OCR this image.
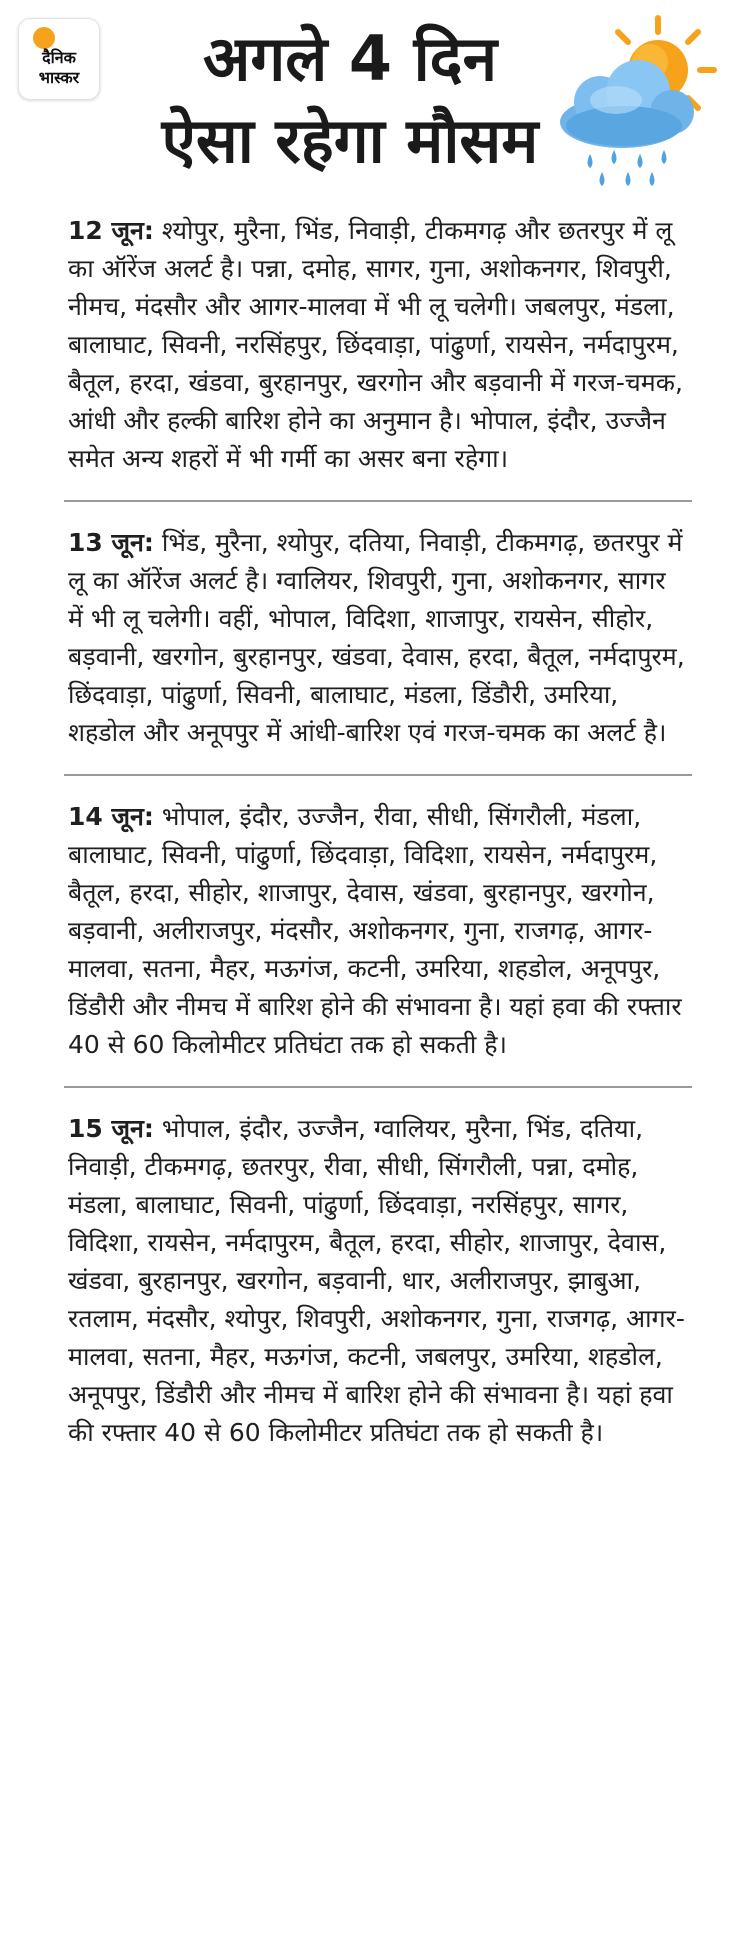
दैनिक
भास्कर	अगले 4 दिन
ऐसा रहेगा मौसम

12 जून: श्योपुर, मुरैना, भिंड, निवाड़ी, टीकमगढ़ और छतरपुर में लू का ऑरेंज अलर्ट है। पन्ना, दमोह, सागर, गुना, अशोकनगर, शिवपुरी, नीमच, मंदसौर और आगर-मालवा में भी लू चलेगी। जबलपुर, मंडला, बालाघाट, सिवनी, नरसिंहपुर, छिंदवाड़ा, पांढुर्णा, रायसेन, नर्मदापुरम, बैतूल, हरदा, खंडवा, बुरहानपुर, खरगोन और बड़वानी में गरज-चमक, आंधी और हल्की बारिश होने का अनुमान है। भोपाल, इंदौर, उज्जैन समेत अन्य शहरों में भी गर्मी का असर बना रहेगा।

13 जून: भिंड, मुरैना, श्योपुर, दतिया, निवाड़ी, टीकमगढ़, छतरपुर में लू का ऑरेंज अलर्ट है। ग्वालियर, शिवपुरी, गुना, अशोकनगर, सागर में भी लू चलेगी। वहीं, भोपाल, विदिशा, शाजापुर, रायसेन, सीहोर, बड़वानी, खरगोन, बुरहानपुर, खंडवा, देवास, हरदा, बैतूल, नर्मदापुरम, छिंदवाड़ा, पांढुर्णा, सिवनी, बालाघाट, मंडला, डिंडौरी, उमरिया, शहडोल और अनूपपुर में आंधी-बारिश एवं गरज-चमक का अलर्ट है।

14 जून: भोपाल, इंदौर, उज्जैन, रीवा, सीधी, सिंगरौली, मंडला, बालाघाट, सिवनी, पांढुर्णा, छिंदवाड़ा, विदिशा, रायसेन, नर्मदापुरम, बैतूल, हरदा, सीहोर, शाजापुर, देवास, खंडवा, बुरहानपुर, खरगोन, बड़वानी, अलीराजपुर, मंदसौर, अशोकनगर, गुना, राजगढ़, आगर-मालवा, सतना, मैहर, मऊगंज, कटनी, उमरिया, शहडोल, अनूपपुर, डिंडौरी और नीमच में बारिश होने की संभावना है। यहां हवा की रफ्तार 40 से 60 किलोमीटर प्रतिघंटा तक हो सकती है।

15 जून: भोपाल, इंदौर, उज्जैन, ग्वालियर, मुरैना, भिंड, दतिया, निवाड़ी, टीकमगढ़, छतरपुर, रीवा, सीधी, सिंगरौली, पन्ना, दमोह, मंडला, बालाघाट, सिवनी, पांढुर्णा, छिंदवाड़ा, नरसिंहपुर, सागर, विदिशा, रायसेन, नर्मदापुरम, बैतूल, हरदा, सीहोर, शाजापुर, देवास, खंडवा, बुरहानपुर, खरगोन, बड़वानी, धार, अलीराजपुर, झाबुआ, रतलाम, मंदसौर, श्योपुर, शिवपुरी, अशोकनगर, गुना, राजगढ़, आगर-मालवा, सतना, मैहर, मऊगंज, कटनी, जबलपुर, उमरिया, शहडोल, अनूपपुर, डिंडौरी और नीमच में बारिश होने की संभावना है। यहां हवा की रफ्तार 40 से 60 किलोमीटर प्रतिघंटा तक हो सकती है।
